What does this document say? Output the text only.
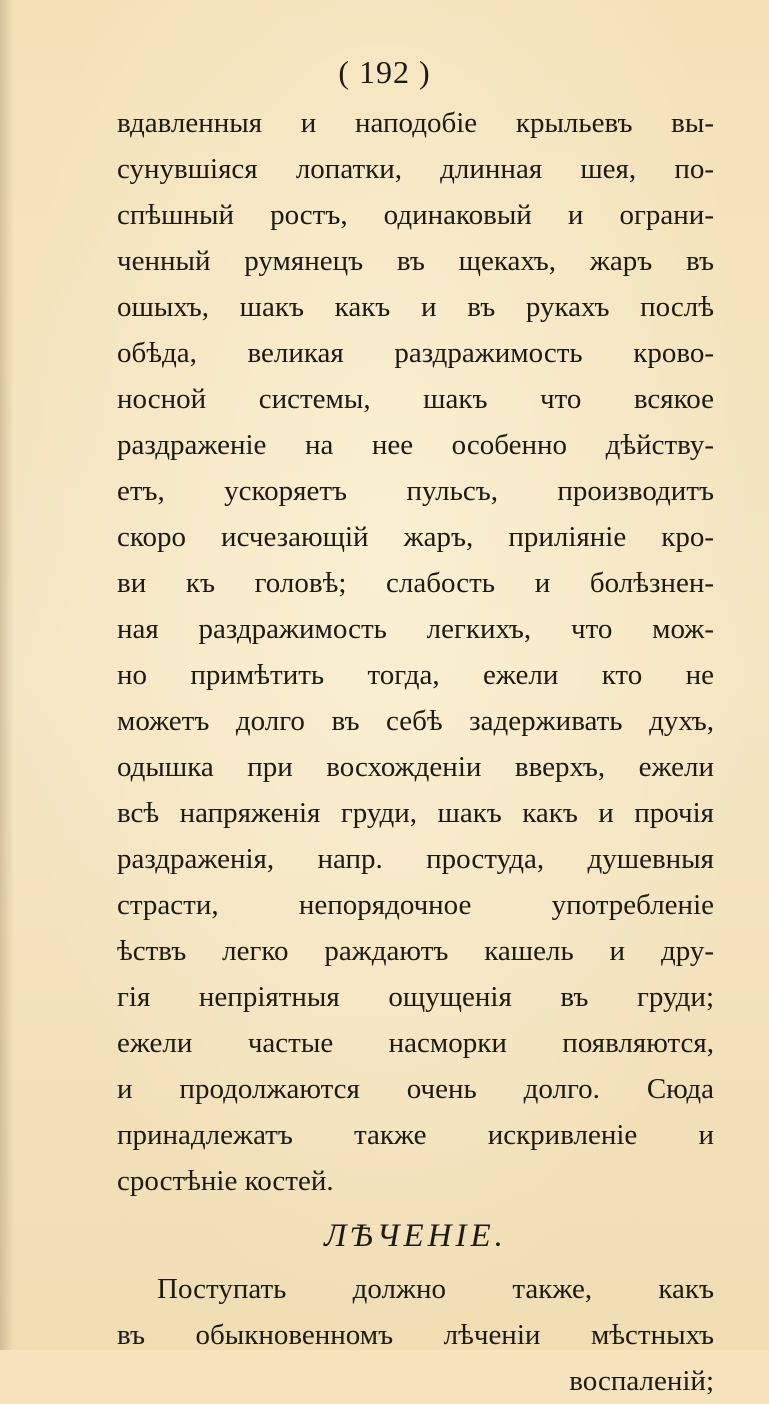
( 192 )
вдавленныя и наподобіе крыльевъ вы-
сунувшіяся лопатки, длинная шея, по-
спѣшный ростъ, одинаковый и ограни-
ченный румянецъ въ щекахъ, жаръ въ
ошыхъ, шакъ какъ и въ рукахъ послѣ
обѣда, великая раздражимость крово-
носной системы, шакъ что всякое
раздраженіе на нее особенно дѣйству-
етъ, ускоряетъ пульсъ, производитъ
скоро исчезающій жаръ, приліяніе кро-
ви къ головѣ; слабость и болѣзнен-
ная раздражимость легкихъ, что мож-
но примѣтить тогда, ежели кто не
можетъ долго въ себѣ задерживать духъ,
одышка при восхожденіи вверхъ, ежели
всѣ напряженія груди, шакъ какъ и прочія
раздраженія, напр. простуда, душевныя
страсти, непорядочное употребленіе
ѣствъ легко раждаютъ кашель и дру-
гія непріятныя ощущенія въ груди;
ежели частые насморки появляются,
и продолжаются очень долго. Сюда
принадлежатъ также искривленіе и
сростѣніе костей.
ЛѢЧЕНІЕ.
Поступать должно также, какъ
въ обыкновенномъ лѣченіи мѣстныхъ
воспаленій;
